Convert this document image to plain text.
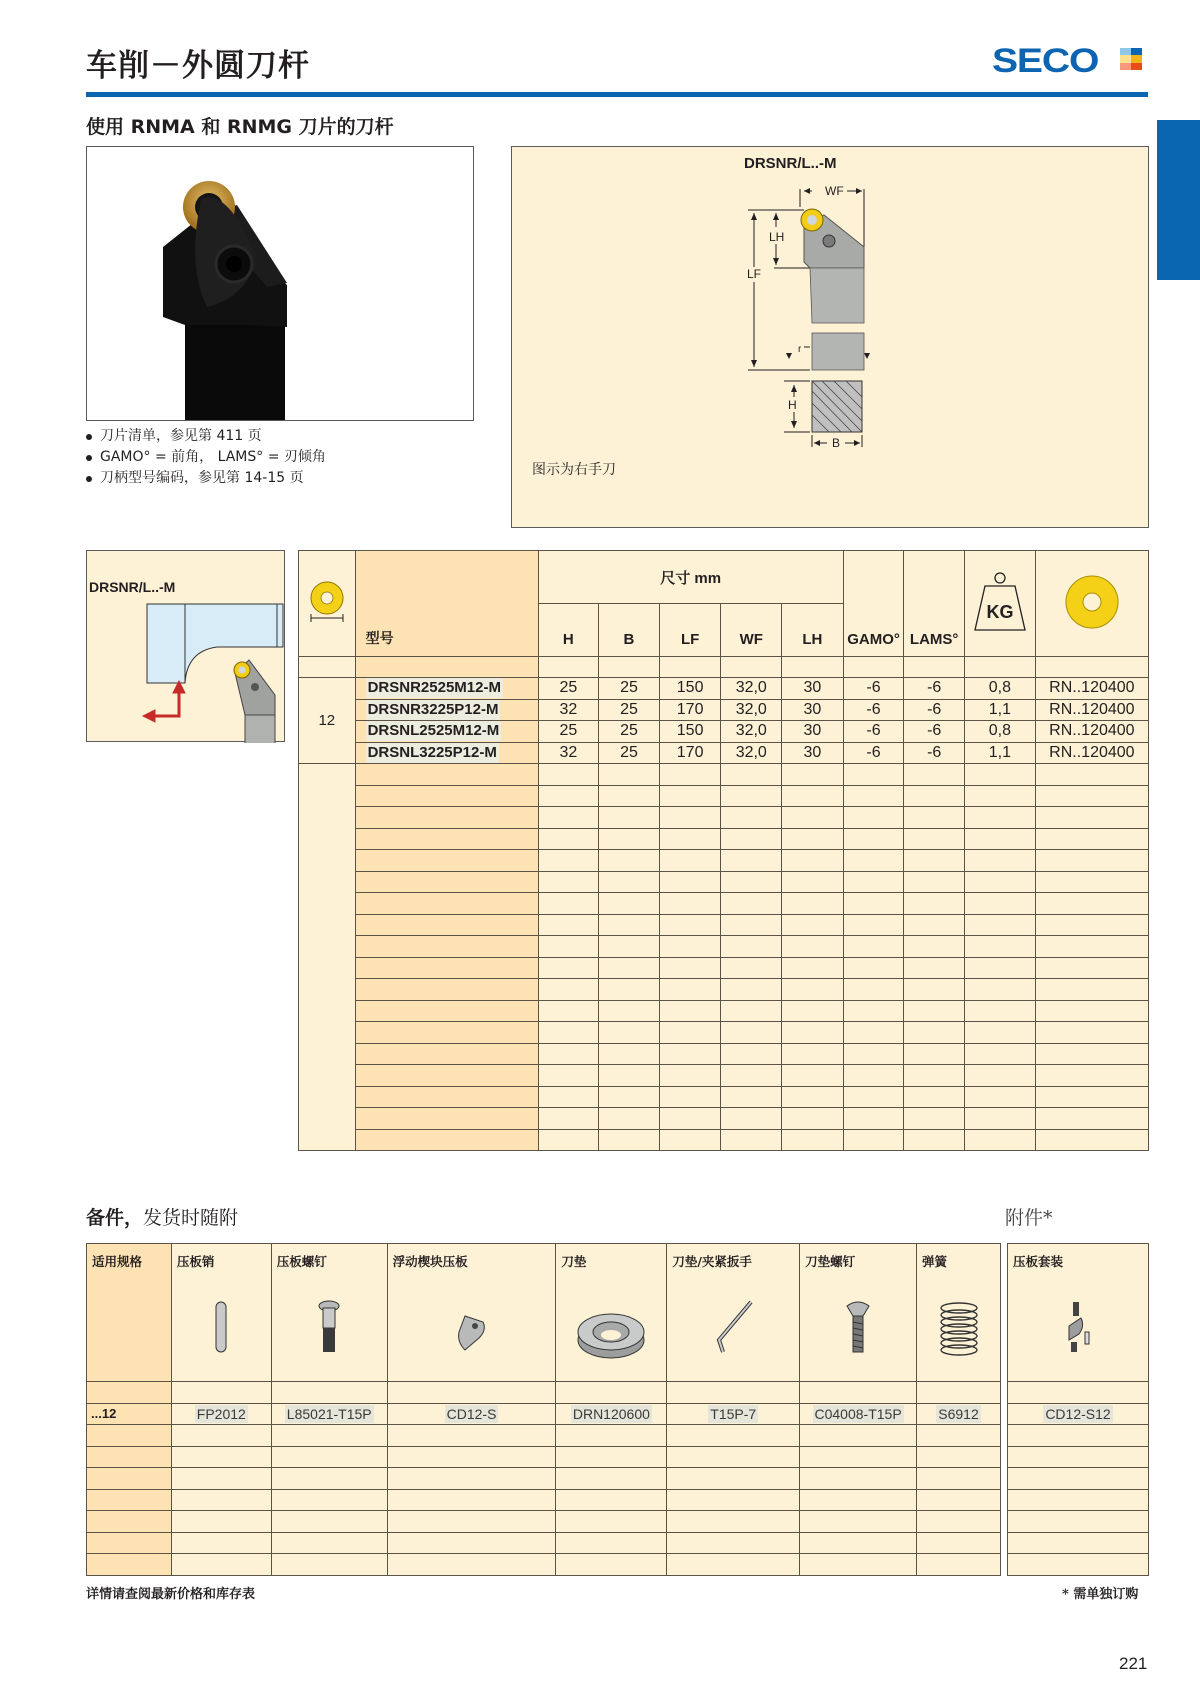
车削－外圆刀杆	SECO
使用 RNMA 和 RNMG 刀片的刀杆
刀片清单，参见第 411 页
GAMO° = 前角， LAMS° = 刃倾角
刀柄型号编码，参见第 14-15 页
DRSNR/L..-M
WF
LH
LF
H
B
r
图示为右手刀
DRSNR/L..-M
	型号	尺寸 mm					GAMO°	LAMS°	KG

		H	B	LF	WF	LH				

12	DRSNR2525M12-M	25	25	150	32,0	30	-6	-6	0,8	RN..120400
	DRSNR3225P12-M	32	25	170	32,0	30	-6	-6	1,1	RN..120400
	DRSNL2525M12-M	25	25	150	32,0	30	-6	-6	0,8	RN..120400
	DRSNL3225P12-M	32	25	170	32,0	30	-6	-6	1,1	RN..120400

备件，发货时随附	附件*
适用规格	压板销	压板螺钉	浮动楔块压板	刀垫	刀垫/夹紧扳手	刀垫螺钉	弹簧

...12	FP2012	L85021-T15P	CD12-S	DRN120600	T15P-7	C04008-T15P	S6912

压板套装

CD12-S12

详情请查阅最新价格和库存表	* 需单独订购
221
